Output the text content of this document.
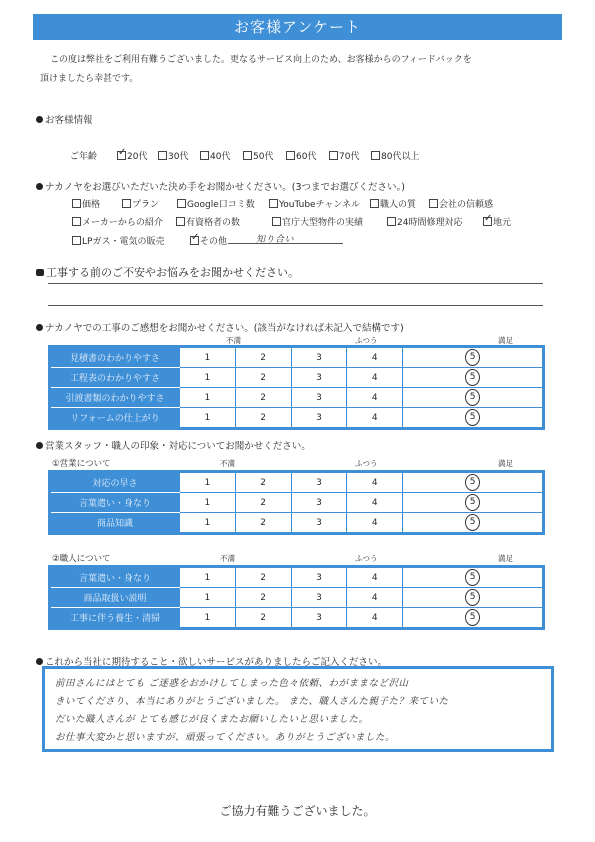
お客様アンケート
この度は弊社をご利用有難うございました。更なるサービス向上のため、お客様からのフィードバックを
頂けましたら幸甚です。
お客様情報
ご年齢 ✓	20代	30代	40代	50代	60代	70代	80代以上
ナカノヤをお選びいただいた決め手をお聞かせください。(3つまでお選びください。)
価格	プラン	Google口コミ数	YouTubeチャンネル	職人の質	会社の信頼感
メーカーからの紹介	有資格者の数	官庁大型物件の実績	24時間修理対応 ✓	地元
LPガス・電気の販売 ✓	その他	知り合い
工事する前のご不安やお悩みをお聞かせください。
ナカノヤでの工事のご感想をお聞かせください。(該当がなければ未記入で結構です)
不満	ふつう	満足
見積書のわかりやすさ	1	2	3	4	5
工程表のわかりやすさ	1	2	3	4	5
引渡書類のわかりやすさ	1	2	3	4	5
リフォームの仕上がり	1	2	3	4	5
営業スタッフ・職人の印象・対応についてお聞かせください。
①営業について	不満	ふつう	満足
対応の早さ	1	2	3	4	5
言葉遣い・身なり	1	2	3	4	5
商品知識	1	2	3	4	5
②職人について	不満	ふつう	満足
言葉遣い・身なり	1	2	3	4	5
商品取扱い説明	1	2	3	4	5
工事に伴う養生・清掃	1	2	3	4	5
これから当社に期待すること・欲しいサービスがありましたらご記入ください。
前田さんにはとても ご迷惑をおかけしてしまった色々依頼、わがままなど沢山
きいてくださり、本当にありがとうございました。 また、職人さんた親子た？来ていた
だいた職人さんが とても感じが良くまたお願いしたいと思いました。
お仕事大変かと思いますが、頑張ってください。ありがとうございました。
ご協力有難うございました。
